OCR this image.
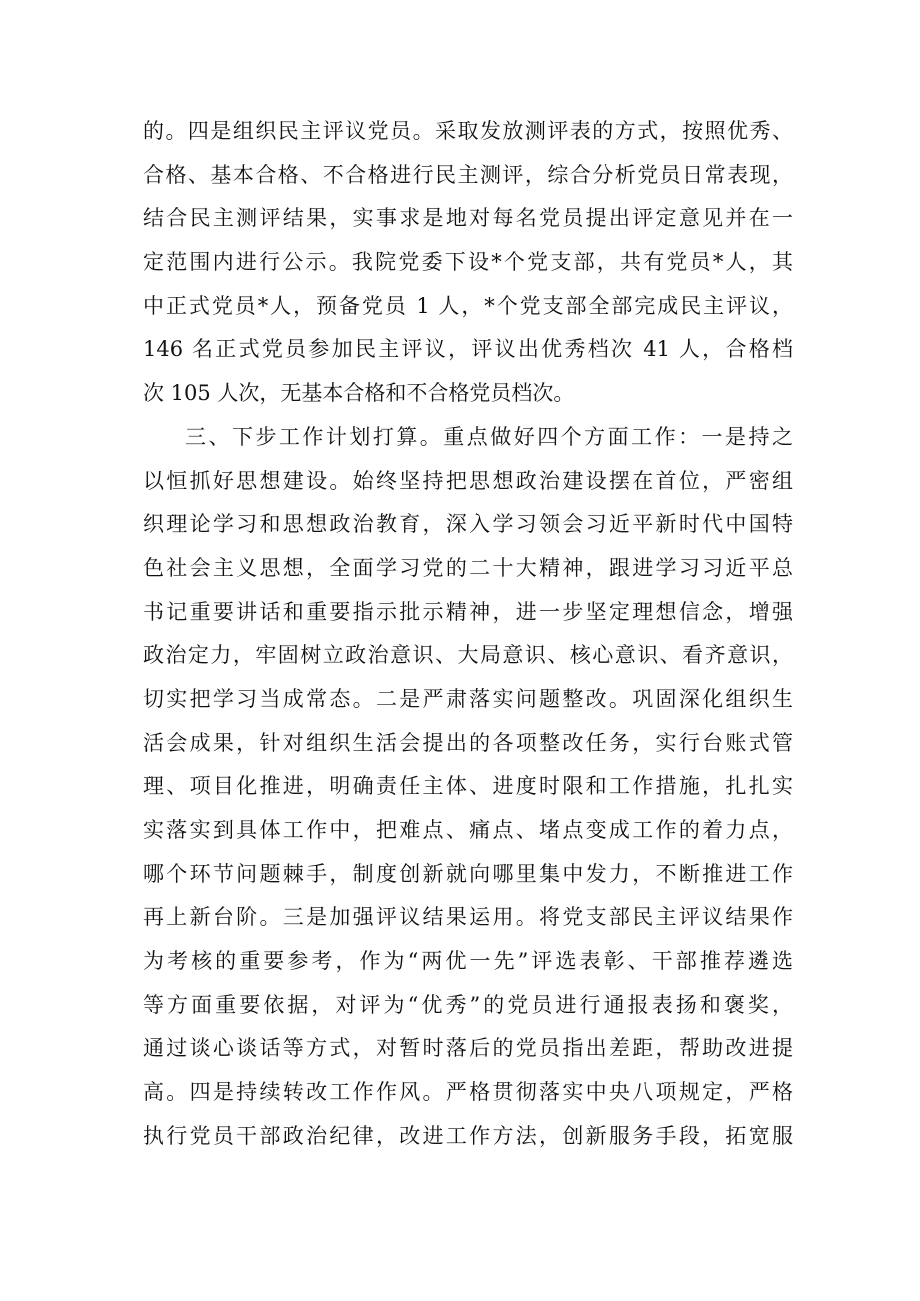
的。四是组织民主评议党员。采取发放测评表的方式，按照优秀、
合格、基本合格、不合格进行民主测评，综合分析党员日常表现，
结合民主测评结果，实事求是地对每名党员提出评定意见并在一
定范围内进行公示。我院党委下设*个党支部，共有党员*人，其
中正式党员*人，预备党员 1 人，*个党支部全部完成民主评议，
146 名正式党员参加民主评议，评议出优秀档次 41 人，合格档
次 105 人次，无基本合格和不合格党员档次。
三、下步工作计划打算。重点做好四个方面工作：一是持之
以恒抓好思想建设。始终坚持把思想政治建设摆在首位，严密组
织理论学习和思想政治教育，深入学习领会习近平新时代中国特
色社会主义思想，全面学习党的二十大精神，跟进学习习近平总
书记重要讲话和重要指示批示精神，进一步坚定理想信念，增强
政治定力，牢固树立政治意识、大局意识、核心意识、看齐意识，
切实把学习当成常态。二是严肃落实问题整改。巩固深化组织生
活会成果，针对组织生活会提出的各项整改任务，实行台账式管
理、项目化推进，明确责任主体、进度时限和工作措施，扎扎实
实落实到具体工作中，把难点、痛点、堵点变成工作的着力点，
哪个环节问题棘手，制度创新就向哪里集中发力，不断推进工作
再上新台阶。三是加强评议结果运用。将党支部民主评议结果作
为考核的重要参考，作为“两优一先”评选表彰、干部推荐遴选
等方面重要依据，对评为“优秀”的党员进行通报表扬和褒奖，
通过谈心谈话等方式，对暂时落后的党员指出差距，帮助改进提
高。四是持续转改工作作风。严格贯彻落实中央八项规定，严格
执行党员干部政治纪律，改进工作方法，创新服务手段，拓宽服
